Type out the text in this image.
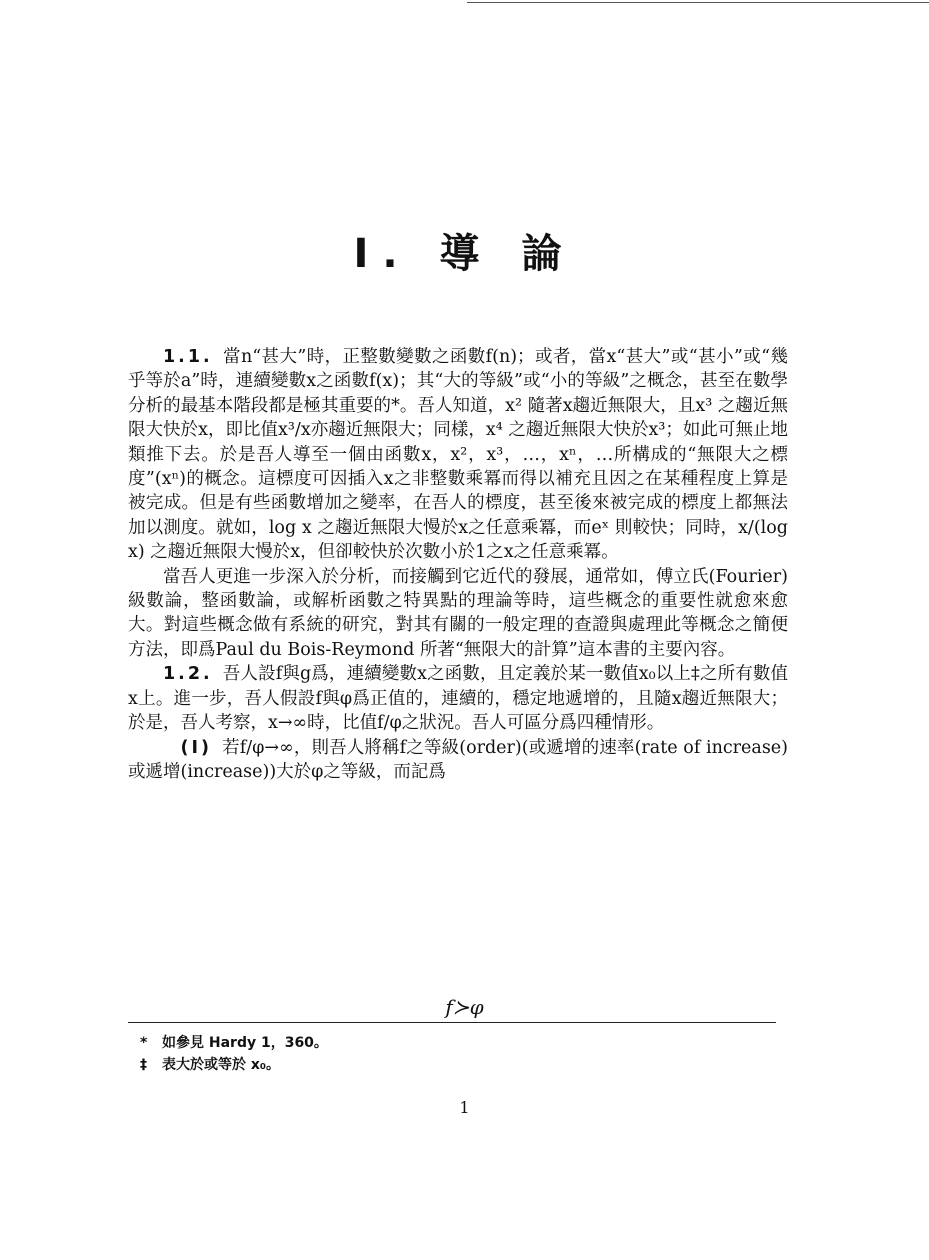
I. 導 論

1.1. 當n“甚大”時，正整數變數之函數f(n)；或者，當x“甚大”或“甚小”或“幾乎等於a”時，連續變數x之函數f(x)；其“大的等級”或“小的等級”之概念，甚至在數學分析的最基本階段都是極其重要的*。吾人知道，x² 隨著x趨近無限大，且x³ 之趨近無限大快於x，即比值x³/x亦趨近無限大；同樣，x⁴ 之趨近無限大快於x³；如此可無止地類推下去。於是吾人導至一個由函數x，x²，x³，…，xⁿ，…所構成的“無限大之標度”(xⁿ)的概念。這標度可因插入x之非整數乘冪而得以補充且因之在某種程度上算是被完成。但是有些函數增加之變率，在吾人的標度，甚至後來被完成的標度上都無法加以測度。就如，log x 之趨近無限大慢於x之任意乘冪，而eˣ 則較快；同時，x/(log x) 之趨近無限大慢於x，但卻較快於次數小於1之x之任意乘冪。

當吾人更進一步深入於分析，而接觸到它近代的發展，通常如，傅立氏(Fourier)級數論，整函數論，或解析函數之特異點的理論等時，這些概念的重要性就愈來愈大。對這些概念做有系統的研究，對其有關的一般定理的查證與處理此等概念之簡便方法，即爲Paul du Bois-Reymond 所著“無限大的計算”這本書的主要內容。

1.2. 吾人設f與g爲，連續變數x之函數，且定義於某一數值x₀以上‡之所有數值x上。進一步，吾人假設f與φ爲正值的，連續的，穩定地遞增的，且隨x趨近無限大；於是，吾人考察，x→∞時，比值f/φ之狀況。吾人可區分爲四種情形。

(I) 若f/φ→∞，則吾人將稱f之等級(order)(或遞增的速率(rate of increase)或遞增(increase))大於φ之等級，而記爲

f≻φ
* 如參見 Hardy 1，360。
‡ 表大於或等於 x₀。
1
